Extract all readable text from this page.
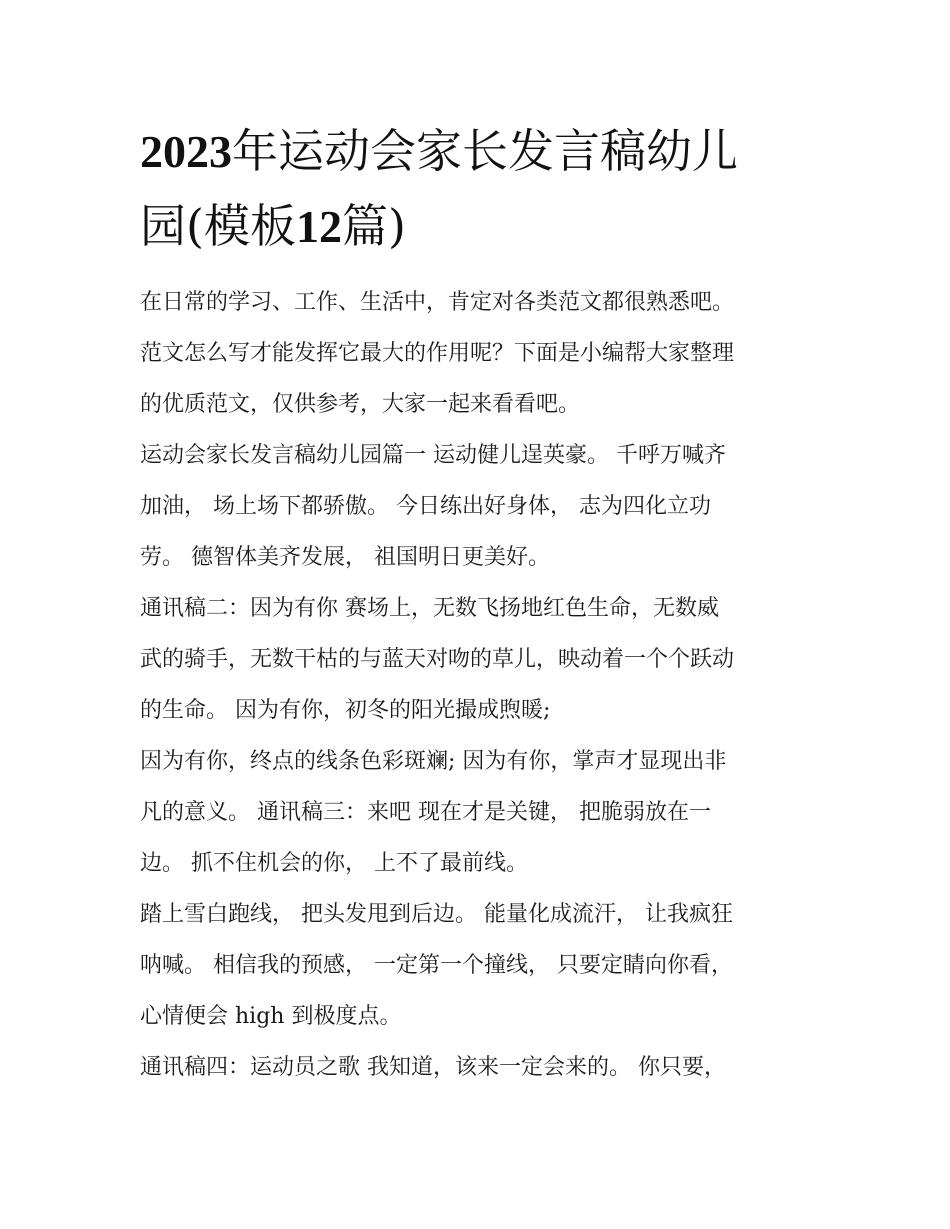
2023年运动会家长发言稿幼儿
园(模板12篇)
在日常的学习、工作、生活中，肯定对各类范文都很熟悉吧。
范文怎么写才能发挥它最大的作用呢？下面是小编帮大家整理
的优质范文，仅供参考，大家一起来看看吧。
运动会家长发言稿幼儿园篇一 运动健儿逞英豪。 千呼万喊齐
加油， 场上场下都骄傲。 今日练出好身体， 志为四化立功
劳。 德智体美齐发展， 祖国明日更美好。
通讯稿二：因为有你 赛场上，无数飞扬地红色生命，无数威
武的骑手，无数干枯的与蓝天对吻的草儿，映动着一个个跃动
的生命。 因为有你，初冬的阳光撮成煦暖;
因为有你，终点的线条色彩斑斓; 因为有你，掌声才显现出非
凡的意义。 通讯稿三：来吧 现在才是关键， 把脆弱放在一
边。 抓不住机会的你， 上不了最前线。
踏上雪白跑线， 把头发甩到后边。 能量化成流汗， 让我疯狂
呐喊。 相信我的预感， 一定第一个撞线， 只要定睛向你看，
心情便会 high 到极度点。
通讯稿四：运动员之歌 我知道，该来一定会来的。 你只要，
